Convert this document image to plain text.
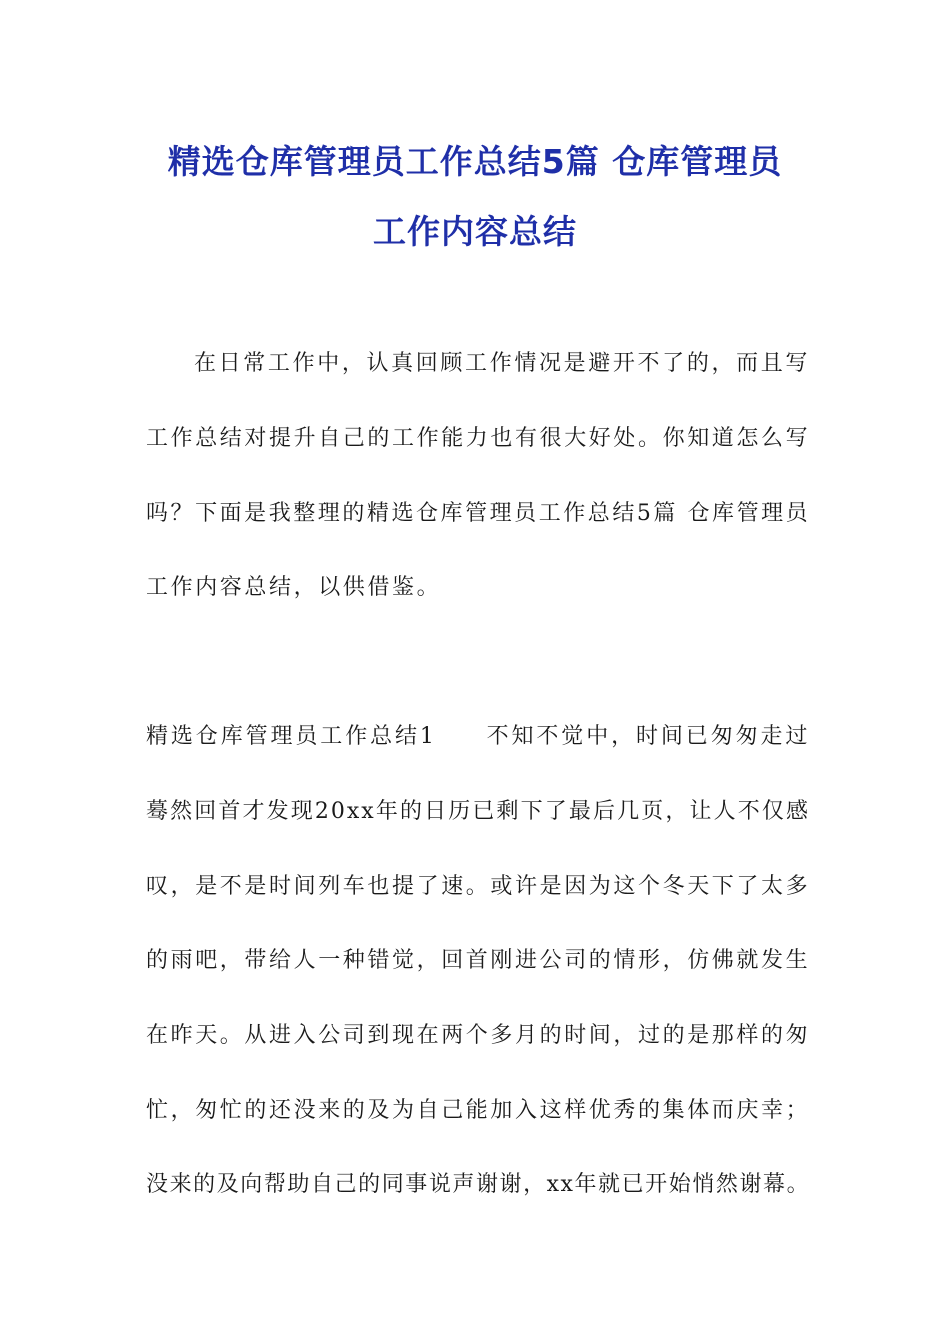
精选仓库管理员工作总结5篇 仓库管理员
工作内容总结
在日常工作中，认真回顾工作情况是避开不了的，而且写
工作总结对提升自己的工作能力也有很大好处。你知道怎么写
吗？下面是我整理的精选仓库管理员工作总结5篇 仓库管理员
工作内容总结，以供借鉴。
精选仓库管理员工作总结1　　不知不觉中，时间已匆匆走过
蓦然回首才发现20xx年的日历已剩下了最后几页，让人不仅感
叹，是不是时间列车也提了速。或许是因为这个冬天下了太多
的雨吧，带给人一种错觉，回首刚进公司的情形，仿佛就发生
在昨天。从进入公司到现在两个多月的时间，过的是那样的匆
忙，匆忙的还没来的及为自己能加入这样优秀的集体而庆幸；
没来的及向帮助自己的同事说声谢谢，xx年就已开始悄然谢幕。
